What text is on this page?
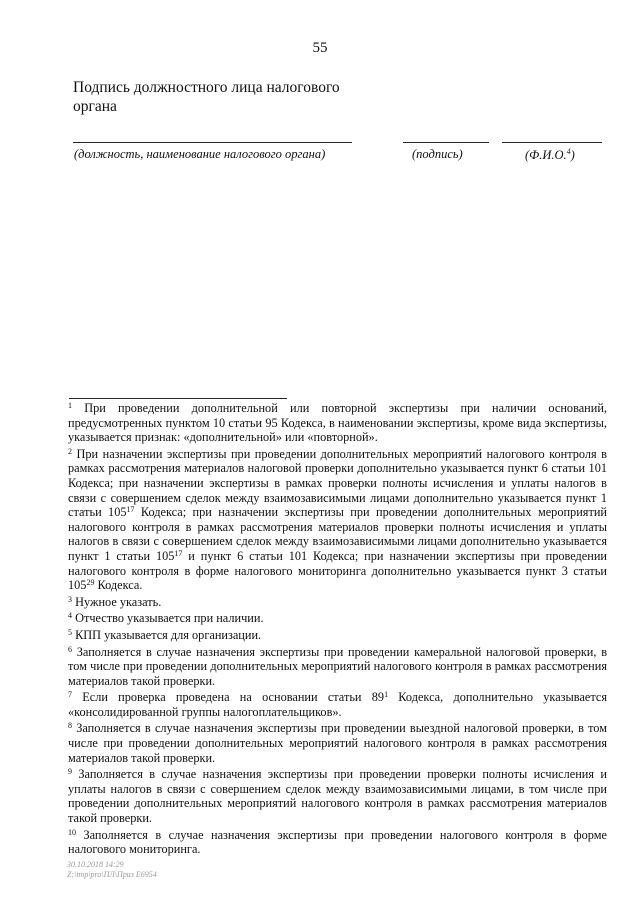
55
Подпись должностного лица налогового органа
(должность, наименование налогового органа)	(подпись)	(Ф.И.О.$^4$)

$^1$ При проведении дополнительной или повторной экспертизы при наличии оснований, предусмотренных пунктом 10 статьи 95 Кодекса, в наименовании экспертизы, кроме вида экспертизы, указывается признак: «дополнительной» или «повторной».

$^2$ При назначении экспертизы при проведении дополнительных мероприятий налогового контроля в рамках рассмотрения материалов налоговой проверки дополнительно указывается пункт 6 статьи 101 Кодекса; при назначении экспертизы в рамках проверки полноты исчисления и уплаты налогов в связи с совершением сделок между взаимозависимыми лицами дополнительно указывается пункт 1 статьи $105^{17}$ Кодекса; при назначении экспертизы при проведении дополнительных мероприятий налогового контроля в рамках рассмотрения материалов проверки полноты исчисления и уплаты налогов в связи с совершением сделок между взаимозависимыми лицами дополнительно указывается пункт 1 статьи $105^{17}$ и пункт 6 статьи 101 Кодекса; при назначении экспертизы при проведении налогового контроля в форме налогового мониторинга дополнительно указывается пункт 3 статьи $105^{29}$ Кодекса.

$^3$ Нужное указать.

$^4$ Отчество указывается при наличии.

$^5$ КПП указывается для организации.

$^6$ Заполняется в случае назначения экспертизы при проведении камеральной налоговой проверки, в том числе при проведении дополнительных мероприятий налогового контроля в рамках рассмотрения материалов такой проверки.

$^7$ Если проверка проведена на основании статьи $89^1$ Кодекса, дополнительно указывается «консолидированной группы налогоплательщиков».

$^8$ Заполняется в случае назначения экспертизы при проведении выездной налоговой проверки, в том числе при проведении дополнительных мероприятий налогового контроля в рамках рассмотрения материалов такой проверки.

$^9$ Заполняется в случае назначения экспертизы при проведении проверки полноты исчисления и уплаты налогов в связи с совершением сделок между взаимозависимыми лицами, в том числе при проведении дополнительных мероприятий налогового контроля в рамках рассмотрения материалов такой проверки.

$^{10}$ Заполняется в случае назначения экспертизы при проведении налогового контроля в форме налогового мониторинга.

30.10.2018 14:29
Z:\tmp\pro\ПЛ\Приз E6954
